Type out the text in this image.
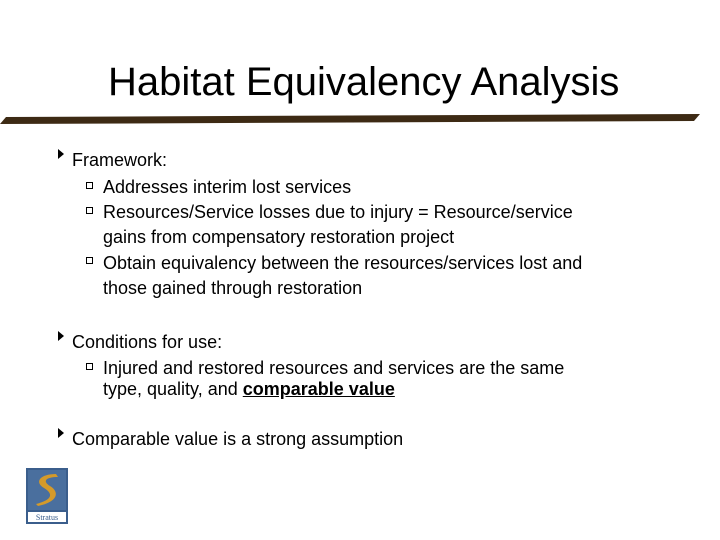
Habitat Equivalency Analysis
Framework:
Addresses interim lost services
Resources/Service losses due to injury = Resource/service
gains from compensatory restoration project
Obtain equivalency between the resources/services lost and
those gained through restoration
Conditions for use:
Injured and restored resources and services are the same
type, quality, and comparable value
Comparable value is a strong assumption
Stratus
